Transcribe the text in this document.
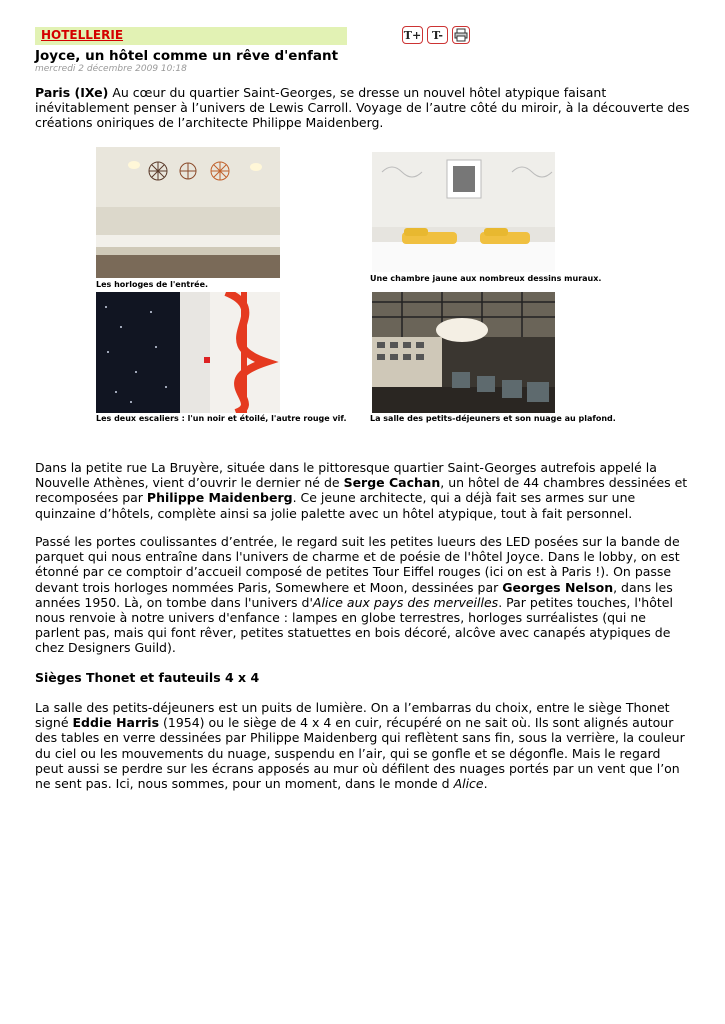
HOTELLERIE	T+ T-
Joyce, un hôtel comme un rêve d'enfant
mercredi 2 décembre 2009 10:18

Paris (IXe) Au cœur du quartier Saint-Georges, se dresse un nouvel hôtel atypique faisant inévitablement penser à l’univers de Lewis Carroll. Voyage de l’autre côté du miroir, à la découverte des créations oniriques de l’architecte Philippe Maidenberg.

Les horloges de l'entrée.
Une chambre jaune aux nombreux dessins muraux.
Les deux escaliers : l'un noir et étoilé, l'autre rouge vif.	La salle des petits-déjeuners et son nuage au plafond.

Dans la petite rue La Bruyère, située dans le pittoresque quartier Saint-Georges autrefois appelé la Nouvelle Athènes, vient d’ouvrir le dernier né de Serge Cachan, un hôtel de 44 chambres dessinées et recomposées par Philippe Maidenberg. Ce jeune architecte, qui a déjà fait ses armes sur une quinzaine d’hôtels, complète ainsi sa jolie palette avec un hôtel atypique, tout à fait personnel.

Passé les portes coulissantes d’entrée, le regard suit les petites lueurs des LED posées sur la bande de parquet qui nous entraîne dans l'univers de charme et de poésie de l'hôtel Joyce. Dans le lobby, on est étonné par ce comptoir d’accueil composé de petites Tour Eiffel rouges (ici on est à Paris !). On passe devant trois horloges nommées Paris, Somewhere et Moon, dessinées par Georges Nelson, dans les années 1950. Là, on tombe dans l'univers d'Alice aux pays des merveilles. Par petites touches, l'hôtel nous renvoie à notre univers d'enfance : lampes en globe terrestres, horloges surréalistes (qui ne parlent pas, mais qui font rêver, petites statuettes en bois décoré, alcôve avec canapés atypiques de chez Designers Guild).

Sièges Thonet et fauteuils 4 x 4

La salle des petits-déjeuners est un puits de lumière. On a l’embarras du choix, entre le siège Thonet signé Eddie Harris (1954) ou le siège de 4 x 4 en cuir, récupéré on ne sait où. Ils sont alignés autour des tables en verre dessinées par Philippe Maidenberg qui reflètent sans fin, sous la verrière, la couleur du ciel ou les mouvements du nuage, suspendu en l’air, qui se gonfle et se dégonfle. Mais le regard peut aussi se perdre sur les écrans apposés au mur où défilent des nuages portés par un vent que l’on ne sent pas. Ici, nous sommes, pour un moment, dans le monde d Alice.
